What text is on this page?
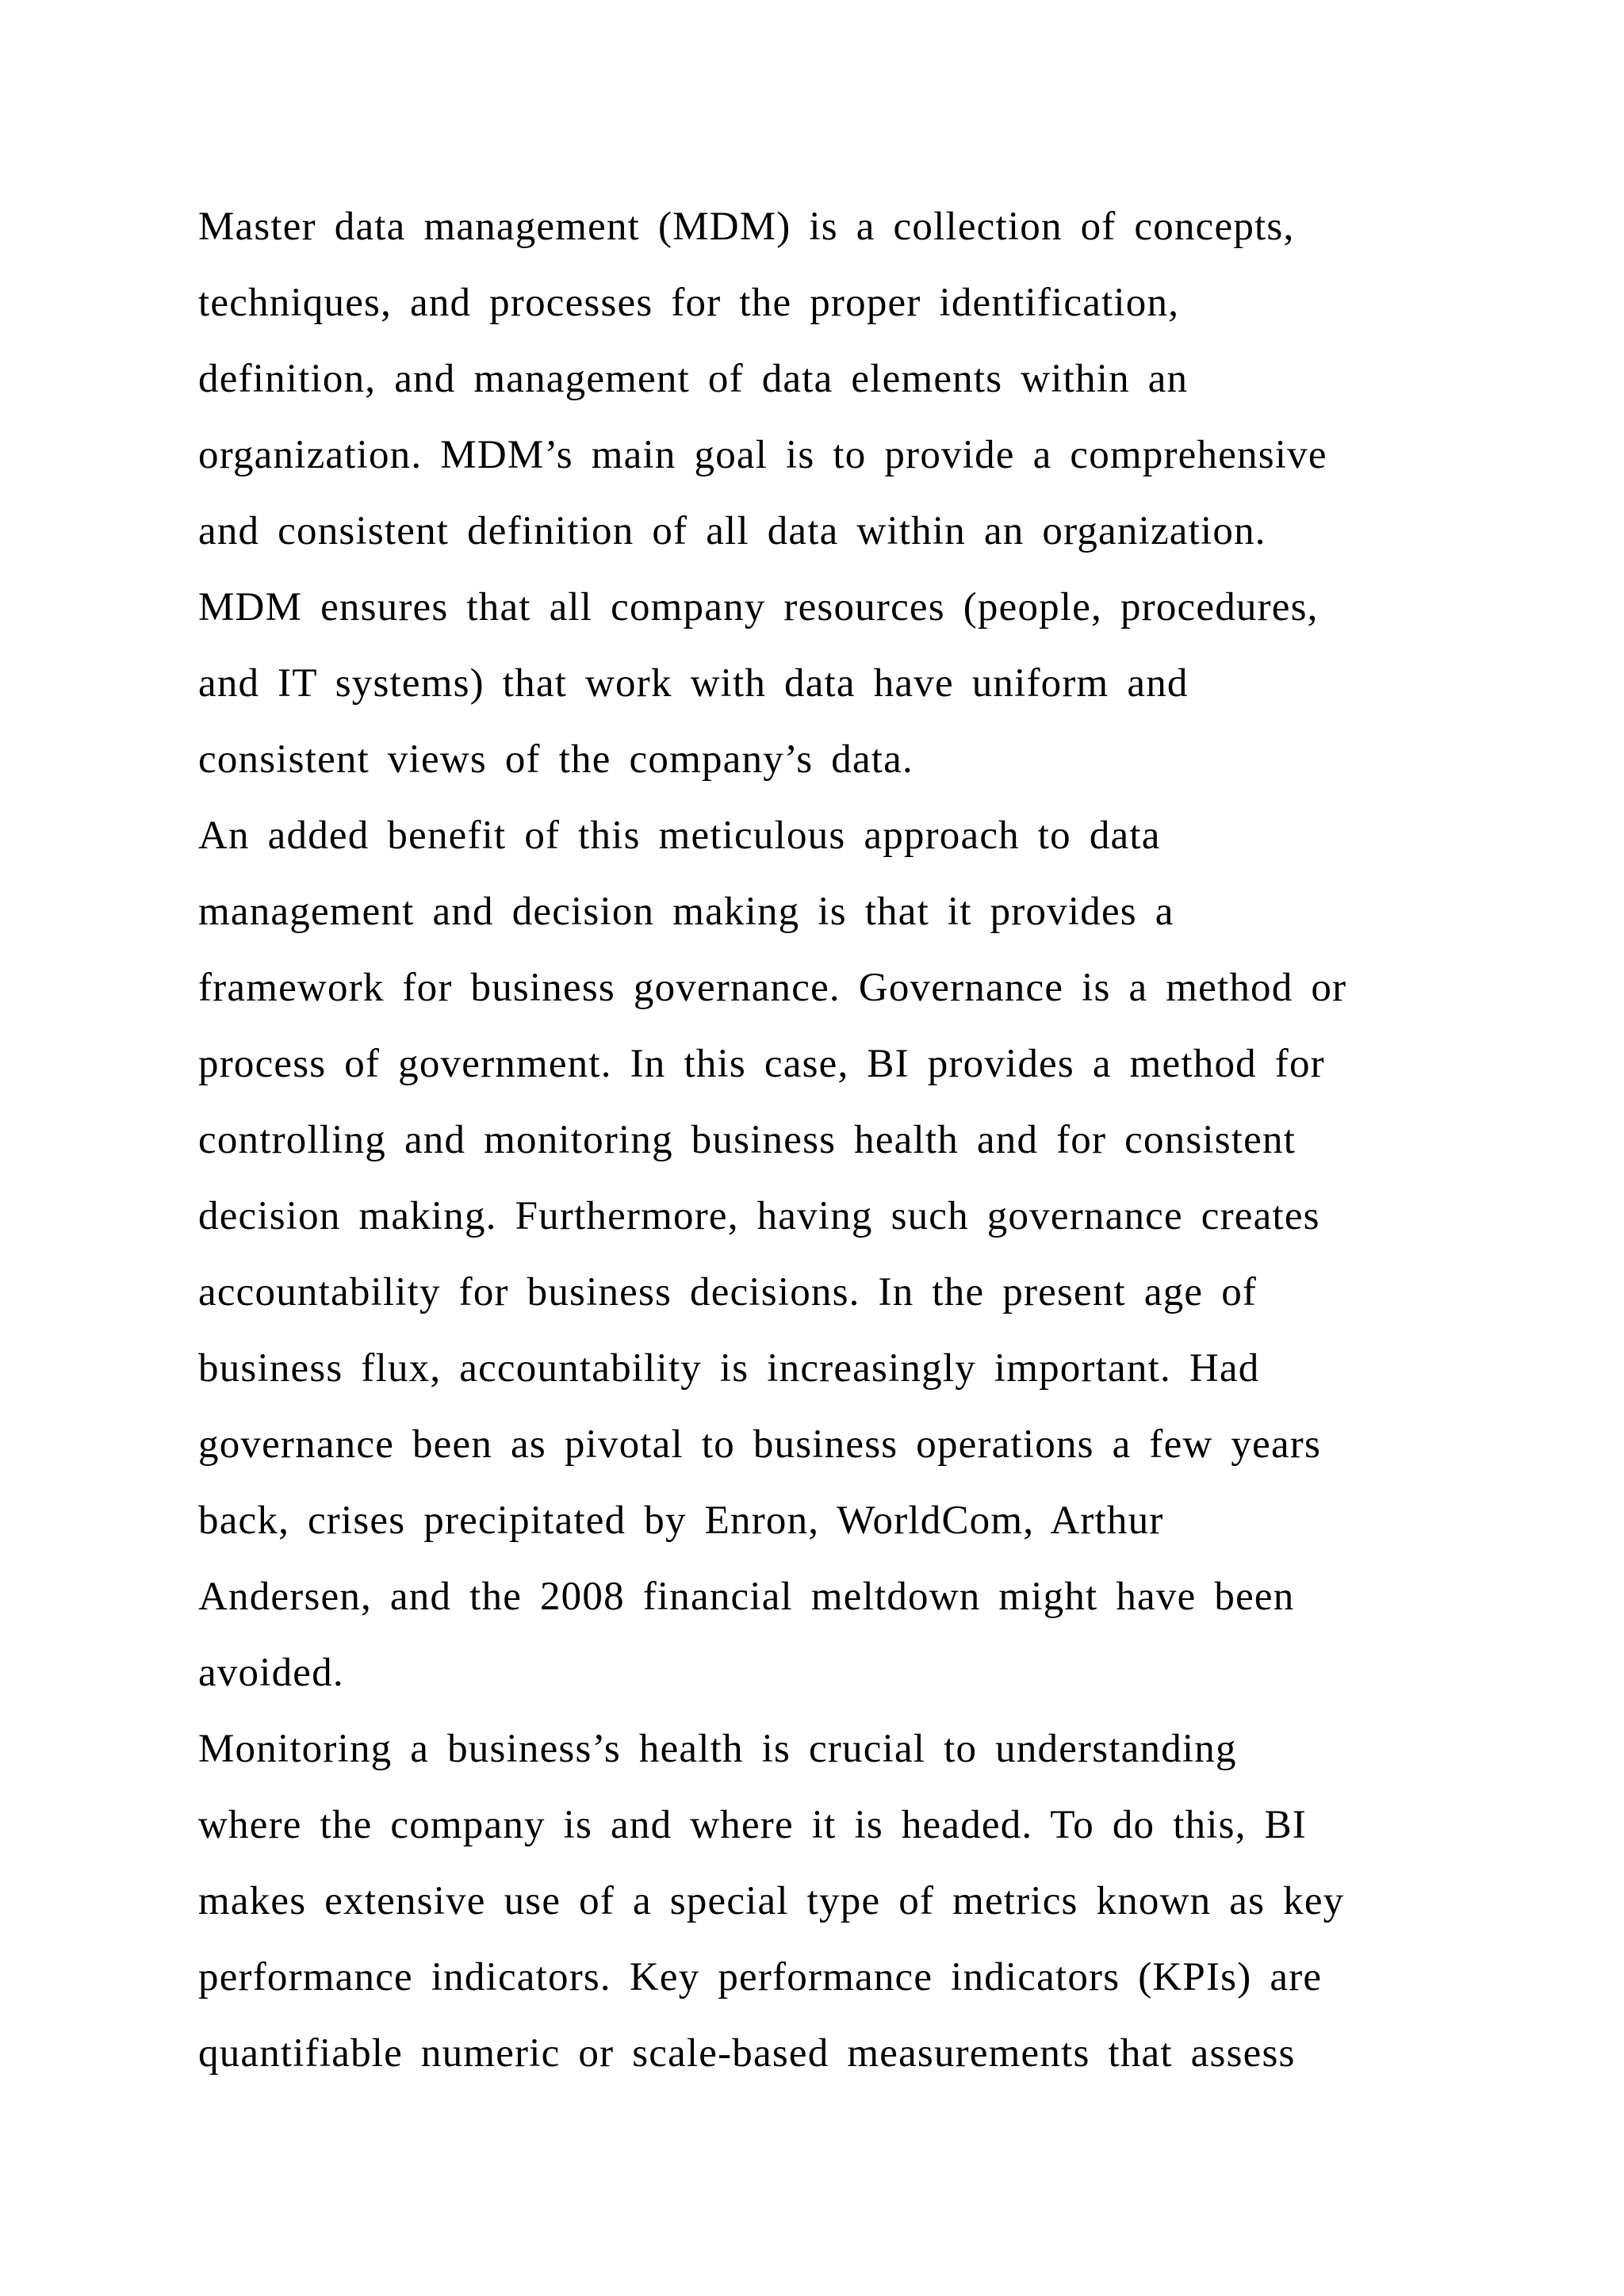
Master data management (MDM) is a collection of concepts,
techniques, and processes for the proper identification,
definition, and management of data elements within an
organization. MDM’s main goal is to provide a comprehensive
and consistent definition of all data within an organization.
MDM ensures that all company resources (people, procedures,
and IT systems) that work with data have uniform and
consistent views of the company’s data.
An added benefit of this meticulous approach to data
management and decision making is that it provides a
framework for business governance. Governance is a method or
process of government. In this case, BI provides a method for
controlling and monitoring business health and for consistent
decision making. Furthermore, having such governance creates
accountability for business decisions. In the present age of
business flux, accountability is increasingly important. Had
governance been as pivotal to business operations a few years
back, crises precipitated by Enron, WorldCom, Arthur
Andersen, and the 2008 financial meltdown might have been
avoided.
Monitoring a business’s health is crucial to understanding
where the company is and where it is headed. To do this, BI
makes extensive use of a special type of metrics known as key
performance indicators. Key performance indicators (KPIs) are
quantifiable numeric or scale-based measurements that assess
